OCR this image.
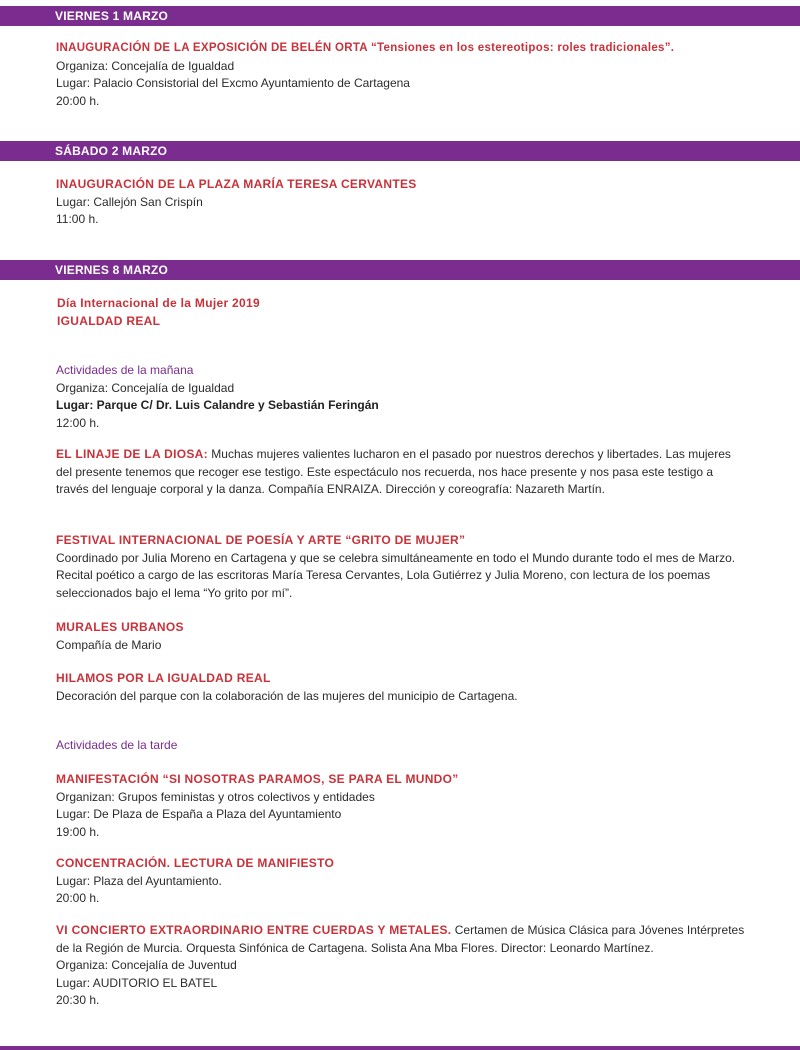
VIERNES 1 MARZO
INAUGURACIÓN DE LA EXPOSICIÓN DE BELÉN ORTA “Tensiones en los estereotipos: roles tradicionales”.
Organiza: Concejalía de Igualdad
Lugar: Palacio Consistorial del Excmo Ayuntamiento de Cartagena
20:00 h.
SÁBADO 2 MARZO
INAUGURACIÓN DE LA PLAZA MARÍA TERESA CERVANTES
Lugar: Callejón San Crispín
11:00 h.
VIERNES 8 MARZO
Día Internacional de la Mujer 2019
IGUALDAD REAL
Actividades de la mañana
Organiza: Concejalía de Igualdad
Lugar: Parque C/ Dr. Luis Calandre y Sebastián Feringán
12:00 h.
EL LINAJE DE LA DIOSA: Muchas mujeres valientes lucharon en el pasado por nuestros derechos y libertades. Las mujeres del presente tenemos que recoger ese testigo. Este espectáculo nos recuerda, nos hace presente y nos pasa este testigo a través del lenguaje corporal y la danza. Compañía ENRAIZA. Dirección y coreografía: Nazareth Martín.
FESTIVAL INTERNACIONAL DE POESÍA Y ARTE “GRITO DE MUJER”
Coordinado por Julia Moreno en Cartagena y que se celebra simultáneamente en todo el Mundo durante todo el mes de Marzo. Recital poético a cargo de las escritoras María Teresa Cervantes, Lola Gutiérrez y Julia Moreno, con lectura de los poemas seleccionados bajo el lema “Yo grito por mí”.
MURALES URBANOS
Compañía de Mario
HILAMOS POR LA IGUALDAD REAL
Decoración del parque con la colaboración de las mujeres del municipio de Cartagena.
Actividades de la tarde
MANIFESTACIÓN “SI NOSOTRAS PARAMOS, SE PARA EL MUNDO”
Organizan: Grupos feministas y otros colectivos y entidades
Lugar: De Plaza de España a Plaza del Ayuntamiento
19:00 h.
CONCENTRACIÓN. LECTURA DE MANIFIESTO
Lugar: Plaza del Ayuntamiento.
20:00 h.
VI CONCIERTO EXTRAORDINARIO ENTRE CUERDAS Y METALES. Certamen de Música Clásica para Jóvenes Intérpretes de la Región de Murcia. Orquesta Sinfónica de Cartagena. Solista Ana Mba Flores. Director: Leonardo Martínez.
Organiza: Concejalía de Juventud
Lugar: AUDITORIO EL BATEL
20:30 h.
